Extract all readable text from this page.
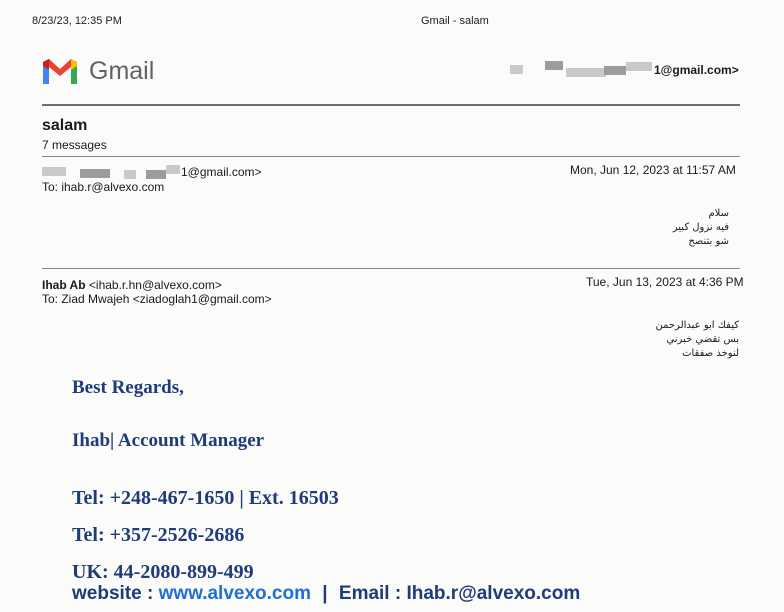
8/23/23, 12:35 PM	Gmail - salam
Gmail	1@gmail.com>
salam
7 messages
1@gmail.com>	Mon, Jun 12, 2023 at 11:57 AM
To: ihab.r@alvexo.com
سلام
فيه نزول كبير
شو بتنصح
Ihab Ab <ihab.r.hn@alvexo.com>	Tue, Jun 13, 2023 at 4:36 PM
To: Ziad Mwajeh <ziadoglah1@gmail.com>
كيفك ابو عبدالرحمن
بس تقضي خبرني
لنوخذ صفقات
Best Regards,
Ihab| Account Manager
Tel: +248-467-1650 | Ext. 16503
Tel: +357-2526-2686
UK: 44-2080-899-499
website : www.alvexo.com | Email : Ihab.r@alvexo.com
